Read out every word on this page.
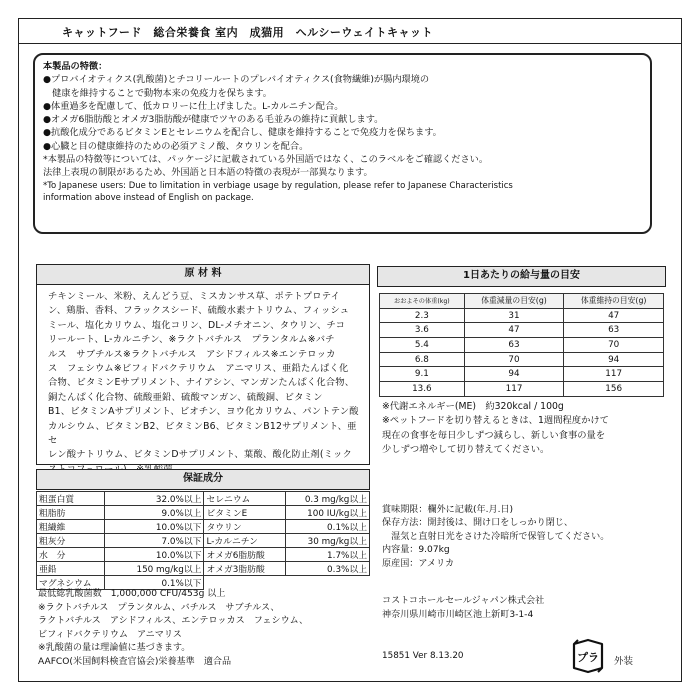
キャットフード　総合栄養食 室内　成猫用　ヘルシーウェイトキャット
本製品の特徴：
●プロバイオティクス(乳酸菌)とチコリールートのプレバイオティクス(食物繊維)が腸内環境の
　健康を維持することで動物本来の免疫力を保ちます。
●体重過多を配慮して、低カロリーに仕上げました。L-カルニチン配合。
●オメガ6脂肪酸とオメガ3脂肪酸が健康でツヤのある毛並みの維持に貢献します。
●抗酸化成分であるビタミンEとセレニウムを配合し、健康を維持することで免疫力を保ちます。
●心臓と目の健康維持のための必須アミノ酸、タウリンを配合。
*本製品の特徴等については、パッケージに記載されている外国語ではなく、このラベルをご確認ください。
法律上表現の制限があるため、外国語と日本語の特徴の表現が一部異なります。
*To Japanese users: Due to limitation in verbiage usage by regulation, please refer to Japanese Characteristics
information above instead of English on package.
原 材 料
チキンミール、米粉、えんどう豆、ミスカンサス草、ポテトプロテイ
ン、鶏脂、香料、フラックスシード、硫酸水素ナトリウム、フィッシュ
ミール、塩化カリウム、塩化コリン、DL-メチオニン、タウリン、チコ
リールート、L-カルニチン、※ラクトバチルス　プランタルム※バチ
ルス　サブチルス※ラクトバチルス　アシドフィルス※エンテロッカ
ス　フェシウム※ビフィドバクテリウム　アニマリス、亜鉛たんぱく化
合物、ビタミンEサプリメント、ナイアシン、マンガンたんぱく化合物、
銅たんぱく化合物、硫酸亜鉛、硫酸マンガン、硫酸銅、ビタミン
B1、ビタミンAサプリメント、ビオチン、ヨウ化カリウム、パントテン酸
カルシウム、ビタミンB2、ビタミンB6、ビタミンB12サプリメント、亜セ
レン酸ナトリウム、ビタミンDサプリメント、葉酸、酸化防止剤(ミック
1日あたりの給与量の目安
おおよその体重(kg)	体重減量の目安(g)	体重維持の目安(g)
2.3	31	47
3.6	47	63
5.4	63	70
6.8	70	94
9.1	94	117
13.6	117	156
※代謝エネルギー(ME)　約320kcal / 100g
※ペットフードを切り替えるときは、1週間程度かけて
現在の食事を毎日少しずつ減らし、新しい食事の量を
少しずつ増やして切り替えてください。
保証成分
粗蛋白質	32.0%以上	セレニウム	0.3 mg/kg以上
粗脂肪	9.0%以上	ビタミンE	100 IU/kg以上
粗繊維	10.0%以下	タウリン	0.1%以上
粗灰分	7.0%以下	L-カルニチン	30 mg/kg以上
水　分	10.0%以下	オメガ6脂肪酸	1.7%以上
亜鉛	150 mg/kg以上	オメガ3脂肪酸	0.3%以上
マグネシウム	0.1%以下		
最低総乳酸菌数　1,000,000 CFU/453g 以上
※ラクトバチルス　プランタルム、バチルス　サブチルス、
ラクトバチルス　アシドフィルス、エンテロッカス　フェシウム、
ビフィドバクテリウム　アニマリス
※乳酸菌の量は理論値に基づきます。
AAFCO(米国飼料検査官協会)栄養基準　適合品
賞味期限：欄外に記載(年.月.日)
保存方法：開封後は、開け口をしっかり閉じ、
　湿気と直射日光をさけた冷暗所で保管してください。
内容量：9.07kg
原産国：アメリカ
コストコホールセールジャパン株式会社
神奈川県川崎市川崎区池上新町3-1-4
15851 Ver 8.13.20	プラ 外装
